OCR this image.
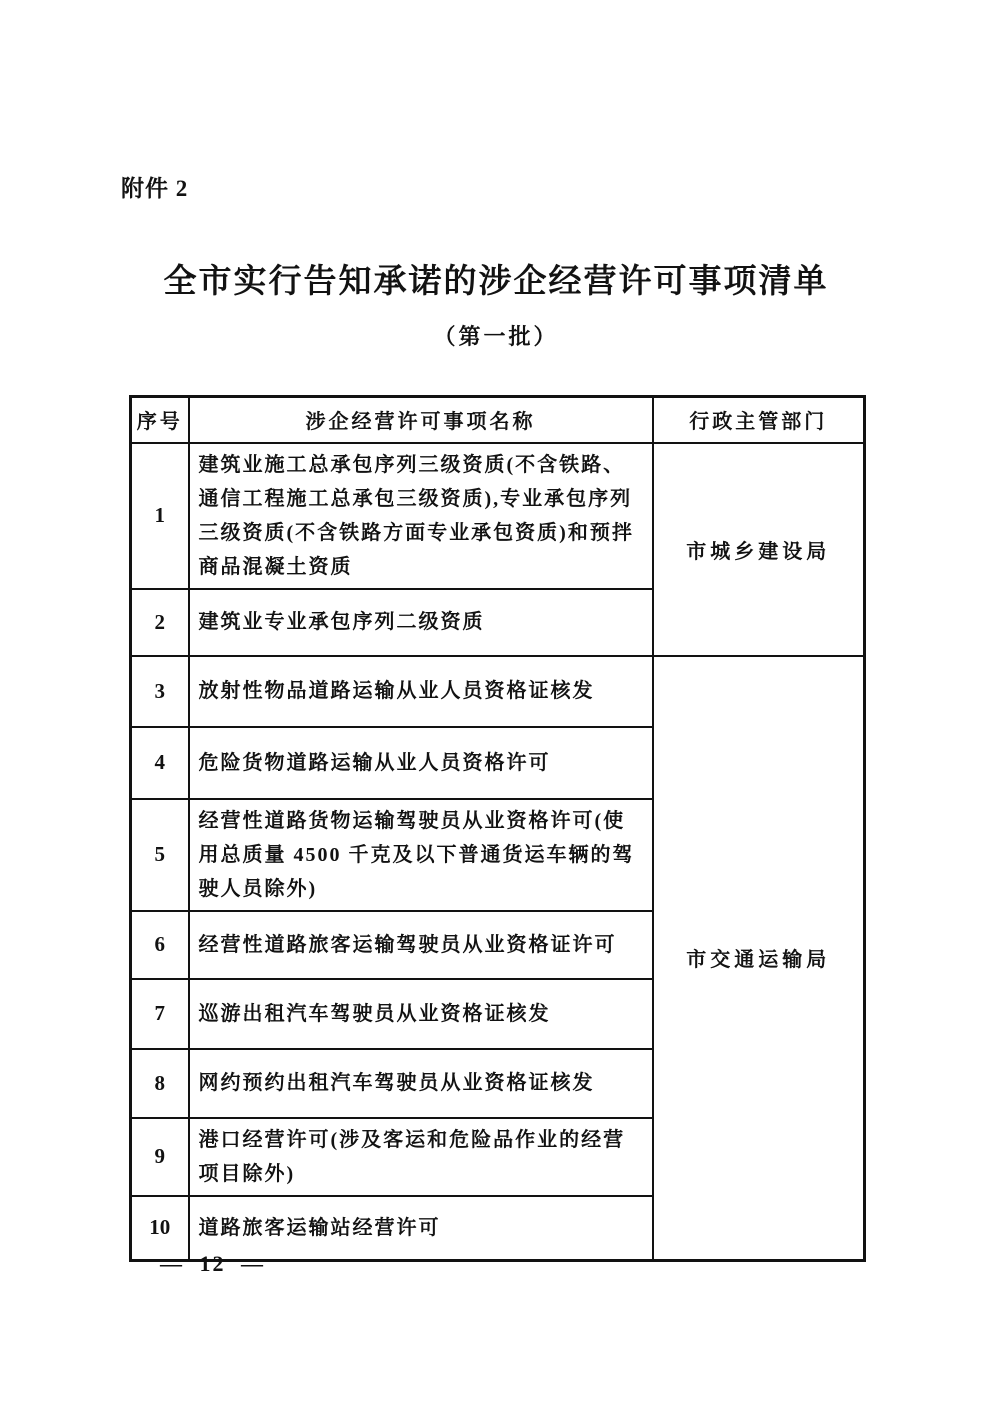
附件 2
全市实行告知承诺的涉企经营许可事项清单
（第一批）
序号	涉企经营许可事项名称	行政主管部门
1	建筑业施工总承包序列三级资质(不含铁路、通信工程施工总承包三级资质),专业承包序列三级资质(不含铁路方面专业承包资质)和预拌商品混凝土资质	市城乡建设局
2	建筑业专业承包序列二级资质	
3	放射性物品道路运输从业人员资格证核发	市交通运输局
4	危险货物道路运输从业人员资格许可	
5	经营性道路货物运输驾驶员从业资格许可(使用总质量 4500 千克及以下普通货运车辆的驾驶人员除外)	
6	经营性道路旅客运输驾驶员从业资格证许可	
7	巡游出租汽车驾驶员从业资格证核发	
8	网约预约出租汽车驾驶员从业资格证核发	
9	港口经营许可(涉及客运和危险品作业的经营项目除外)	
10	道路旅客运输站经营许可	
— 12 —
